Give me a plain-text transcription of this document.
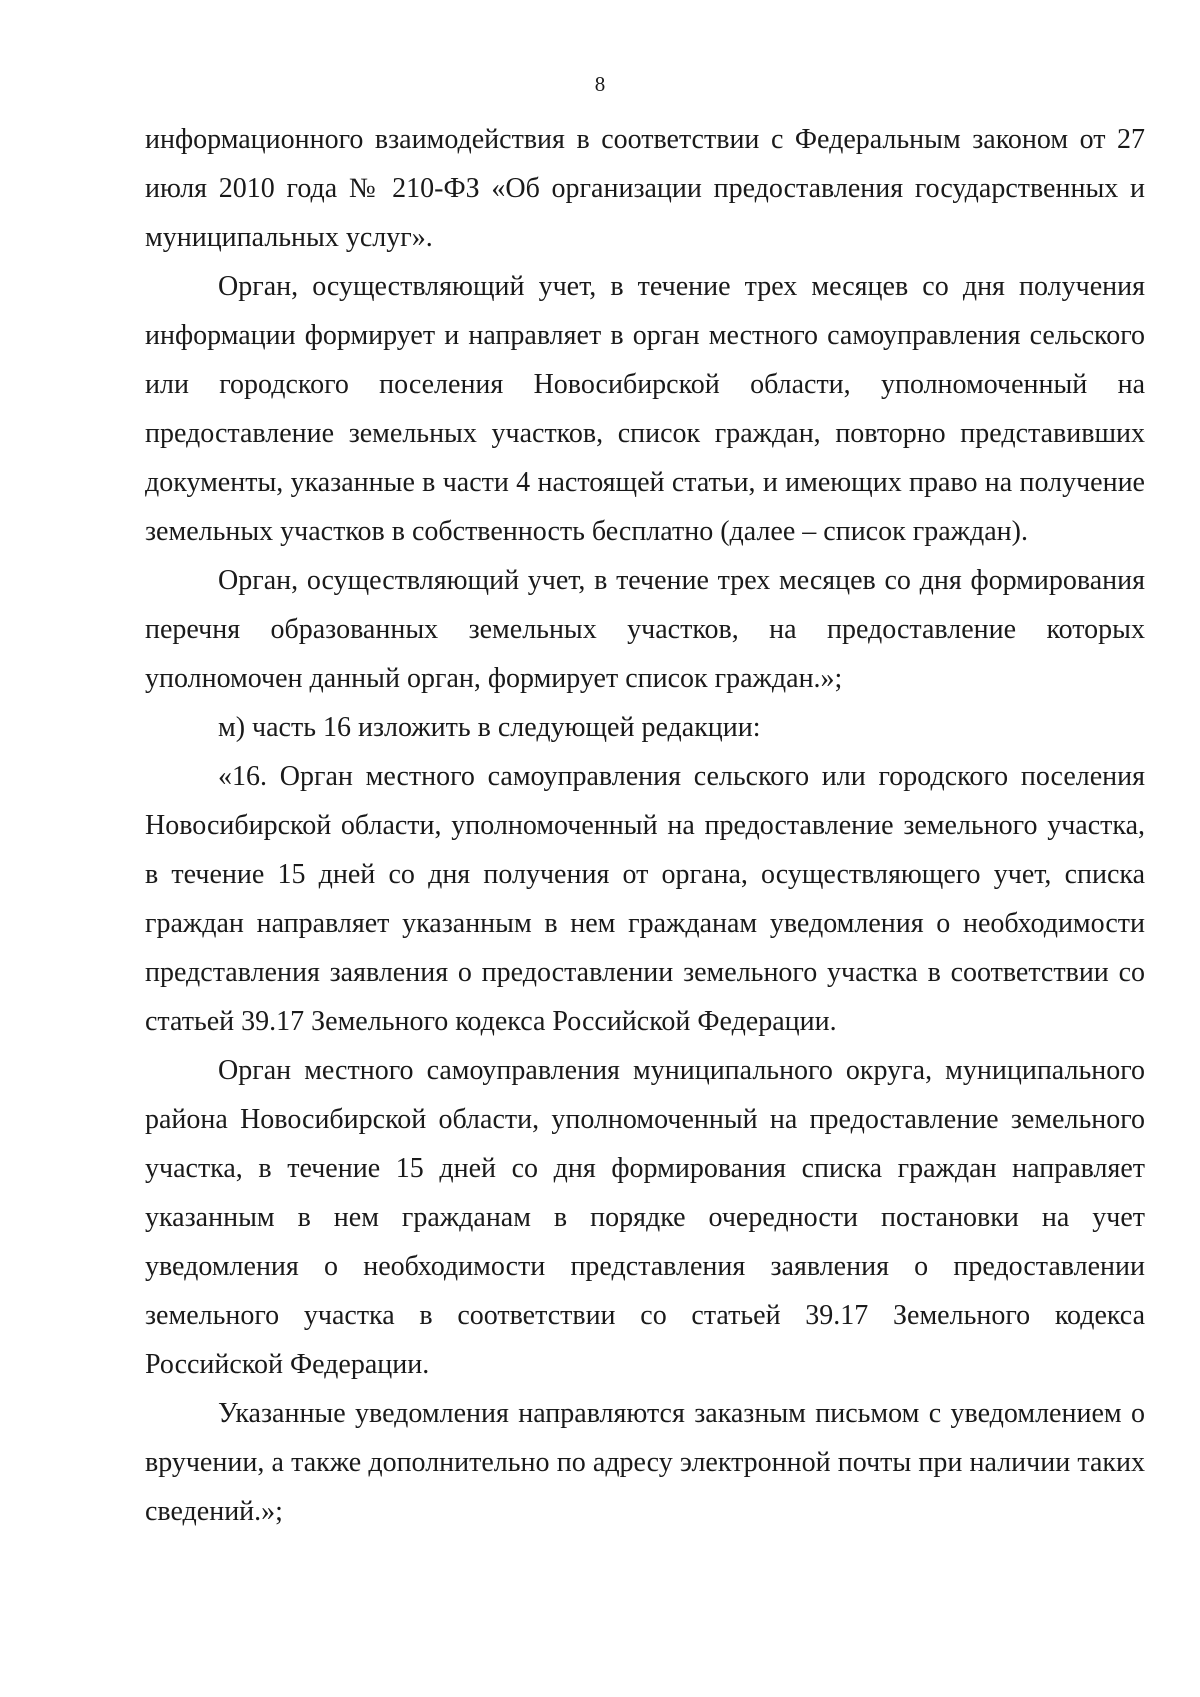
8

информационного взаимодействия в соответствии с Федеральным законом от 27 июля 2010 года № 210-ФЗ «Об организации предоставления государственных и муниципальных услуг».

Орган, осуществляющий учет, в течение трех месяцев со дня получения информации формирует и направляет в орган местного самоуправления сельского или городского поселения Новосибирской области, уполномоченный на предоставление земельных участков, список граждан, повторно представивших документы, указанные в части 4 настоящей статьи, и имеющих право на получение земельных участков в собственность бесплатно (далее – список граждан).

Орган, осуществляющий учет, в течение трех месяцев со дня формирования перечня образованных земельных участков, на предоставление которых уполномочен данный орган, формирует список граждан.»;

м) часть 16 изложить в следующей редакции:

«16. Орган местного самоуправления сельского или городского поселения Новосибирской области, уполномоченный на предоставление земельного участка, в течение 15 дней со дня получения от органа, осуществляющего учет, списка граждан направляет указанным в нем гражданам уведомления о необходимости представления заявления о предоставлении земельного участка в соответствии со статьей 39.17 Земельного кодекса Российской Федерации.

Орган местного самоуправления муниципального округа, муниципального района Новосибирской области, уполномоченный на предоставление земельного участка, в течение 15 дней со дня формирования списка граждан направляет указанным в нем гражданам в порядке очередности постановки на учет уведомления о необходимости представления заявления о предоставлении земельного участка в соответствии со статьей 39.17 Земельного кодекса Российской Федерации.

Указанные уведомления направляются заказным письмом с уведомлением о вручении, а также дополнительно по адресу электронной почты при наличии таких сведений.»;
